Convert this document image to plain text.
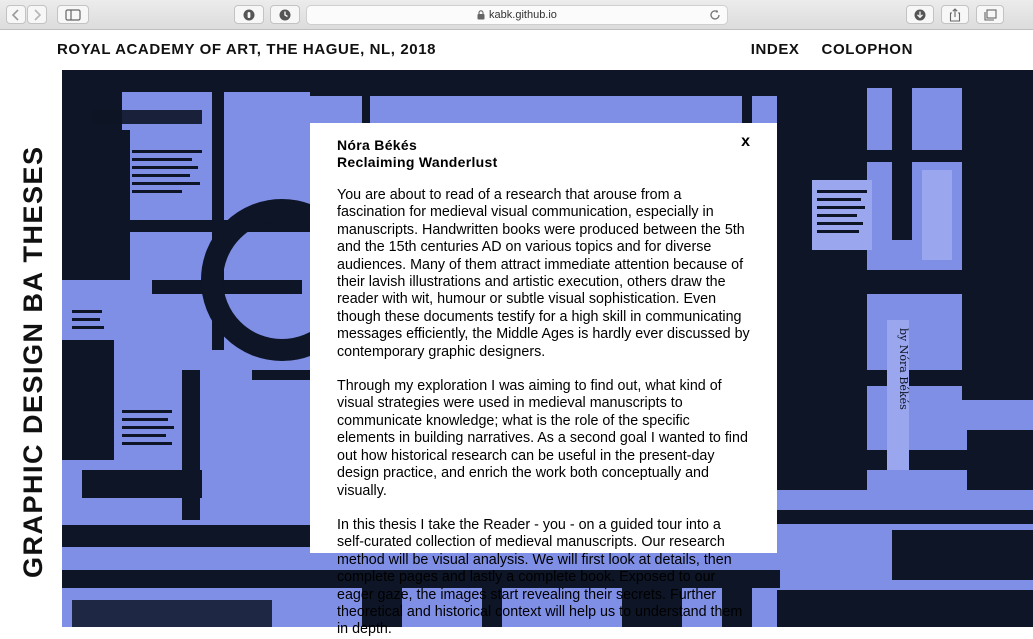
kabk.github.io
GRAPHIC DESIGN BA THESES
ROYAL ACADEMY OF ART, THE HAGUE, NL, 2018	INDEX COLOPHON
by Nóra Békés
x
Nóra Békés
Reclaiming Wanderlust

You are about to read of a research that arouse from a fascination for medieval visual communication, especially in manuscripts. Handwritten books were produced between the 5th and the 15th centuries AD on various topics and for diverse audiences. Many of them attract immediate attention because of their lavish illustrations and artistic execution, others draw the reader with wit, humour or subtle visual sophistication. Even though these documents testify for a high skill in communicating messages efficiently, the Middle Ages is hardly ever discussed by contemporary graphic designers.

Through my exploration I was aiming to find out, what kind of visual strategies were used in medieval manuscripts to communicate knowledge; what is the role of the specific elements in building narratives. As a second goal I wanted to find out how historical research can be useful in the present-day design practice, and enrich the work both conceptually and visually.

In this thesis I take the Reader - you - on a guided tour into a self-curated collection of medieval manuscripts. Our research method will be visual analysis. We will first look at details, then complete pages and lastly a complete book. Exposed to our eager gaze, the images start revealing their secrets. Further theoretical and historical context will help us to understand them in depth.
